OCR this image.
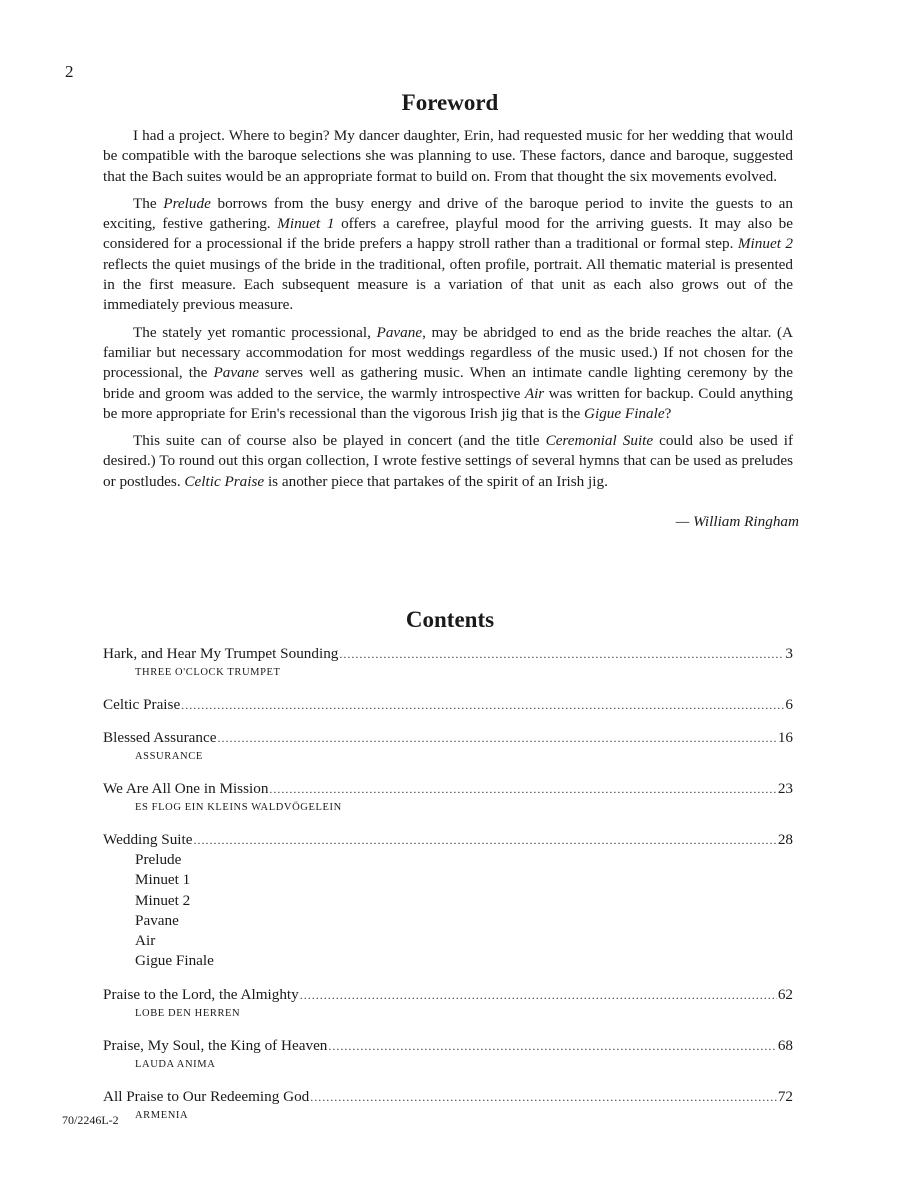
2
Foreword

I had a project. Where to begin? My dancer daughter, Erin, had requested music for her wedding that would be compatible with the baroque selections she was planning to use. These factors, dance and baroque, suggested that the Bach suites would be an appropriate format to build on. From that thought the six movements evolved.

The Prelude borrows from the busy energy and drive of the baroque period to invite the guests to an exciting, festive gathering. Minuet 1 offers a carefree, playful mood for the arriving guests. It may also be considered for a processional if the bride prefers a happy stroll rather than a traditional or formal step. Minuet 2 reflects the quiet musings of the bride in the traditional, often profile, portrait. All thematic material is presented in the first measure. Each subsequent measure is a variation of that unit as each also grows out of the immediately previous measure.

The stately yet romantic processional, Pavane, may be abridged to end as the bride reaches the altar. (A familiar but necessary accommodation for most weddings regardless of the music used.) If not chosen for the processional, the Pavane serves well as gathering music. When an intimate candle lighting ceremony by the bride and groom was added to the service, the warmly introspective Air was written for backup. Could anything be more appropriate for Erin's recessional than the vigorous Irish jig that is the Gigue Finale?

This suite can of course also be played in concert (and the title Ceremonial Suite could also be used if desired.) To round out this organ collection, I wrote festive settings of several hymns that can be used as preludes or postludes. Celtic Praise is another piece that partakes of the spirit of an Irish jig.

— William Ringham

Contents
Hark, and Hear My Trumpet Sounding . . .	3
THREE O'CLOCK TRUMPET
Celtic Praise . . .	6
Blessed Assurance . . .	16
ASSURANCE
We Are All One in Mission . . .	23
ES FLOG EIN KLEINS WALDVÖGELEIN
Wedding Suite . . .	28
Prelude
Minuet 1
Minuet 2
Pavane
Air
Gigue Finale
Praise to the Lord, the Almighty . . .	62
LOBE DEN HERREN
Praise, My Soul, the King of Heaven . . .	68
LAUDA ANIMA
All Praise to Our Redeeming God . . .	72
ARMENIA
70/2246L-2
